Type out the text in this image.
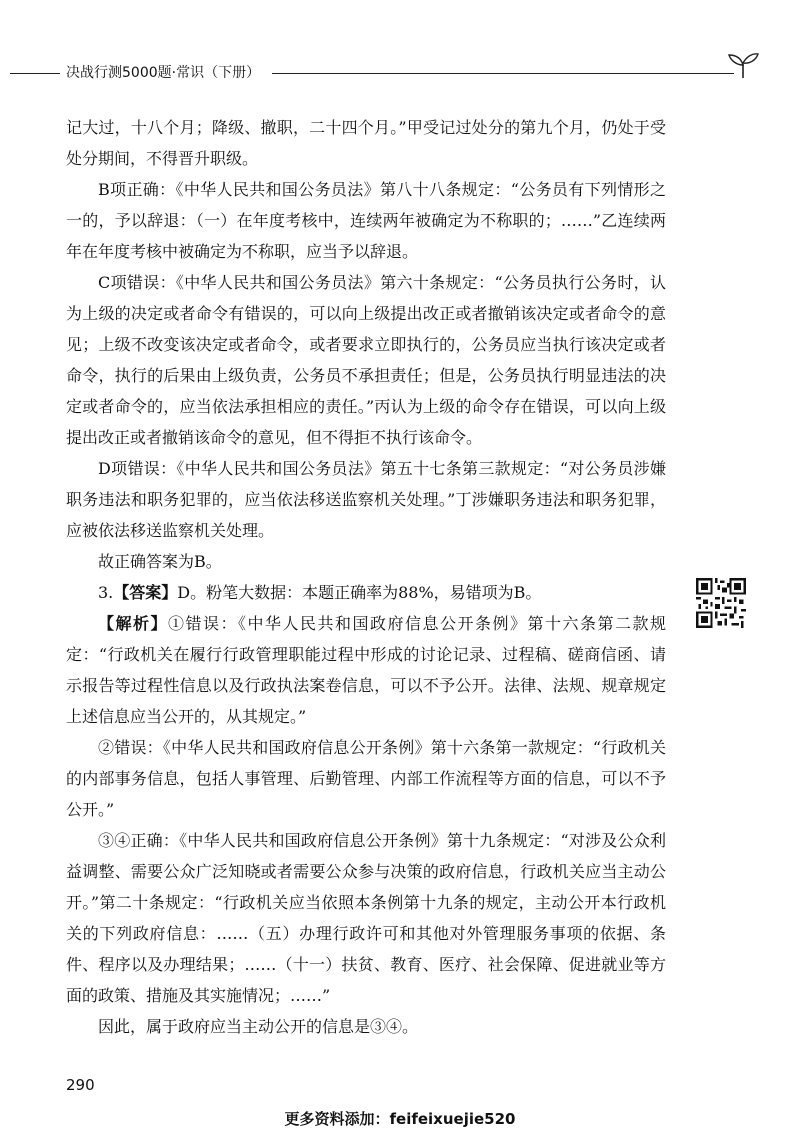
决战行测5000题·常识（下册）

记大过，十八个月；降级、撤职，二十四个月。”甲受记过处分的第九个月，仍处于受处分期间，不得晋升职级。

B项正确：《中华人民共和国公务员法》第八十八条规定：“公务员有下列情形之一的，予以辞退：（一）在年度考核中，连续两年被确定为不称职的；……”乙连续两年在年度考核中被确定为不称职，应当予以辞退。

C项错误：《中华人民共和国公务员法》第六十条规定：“公务员执行公务时，认为上级的决定或者命令有错误的，可以向上级提出改正或者撤销该决定或者命令的意见；上级不改变该决定或者命令，或者要求立即执行的，公务员应当执行该决定或者命令，执行的后果由上级负责，公务员不承担责任；但是，公务员执行明显违法的决定或者命令的，应当依法承担相应的责任。”丙认为上级的命令存在错误，可以向上级提出改正或者撤销该命令的意见，但不得拒不执行该命令。

D项错误：《中华人民共和国公务员法》第五十七条第三款规定：“对公务员涉嫌职务违法和职务犯罪的，应当依法移送监察机关处理。”丁涉嫌职务违法和职务犯罪，应被依法移送监察机关处理。

故正确答案为B。

3.【答案】D。粉笔大数据：本题正确率为88%，易错项为B。

【解析】①错误：《中华人民共和国政府信息公开条例》第十六条第二款规定：“行政机关在履行行政管理职能过程中形成的讨论记录、过程稿、磋商信函、请示报告等过程性信息以及行政执法案卷信息，可以不予公开。法律、法规、规章规定上述信息应当公开的，从其规定。”

②错误：《中华人民共和国政府信息公开条例》第十六条第一款规定：“行政机关的内部事务信息，包括人事管理、后勤管理、内部工作流程等方面的信息，可以不予公开。”

③④正确：《中华人民共和国政府信息公开条例》第十九条规定：“对涉及公众利益调整、需要公众广泛知晓或者需要公众参与决策的政府信息，行政机关应当主动公开。”第二十条规定：“行政机关应当依照本条例第十九条的规定，主动公开本行政机关的下列政府信息：……（五）办理行政许可和其他对外管理服务事项的依据、条件、程序以及办理结果；……（十一）扶贫、教育、医疗、社会保障、促进就业等方面的政策、措施及其实施情况；……”

因此，属于政府应当主动公开的信息是③④。

290
更多资料添加：feifeixuejie520
